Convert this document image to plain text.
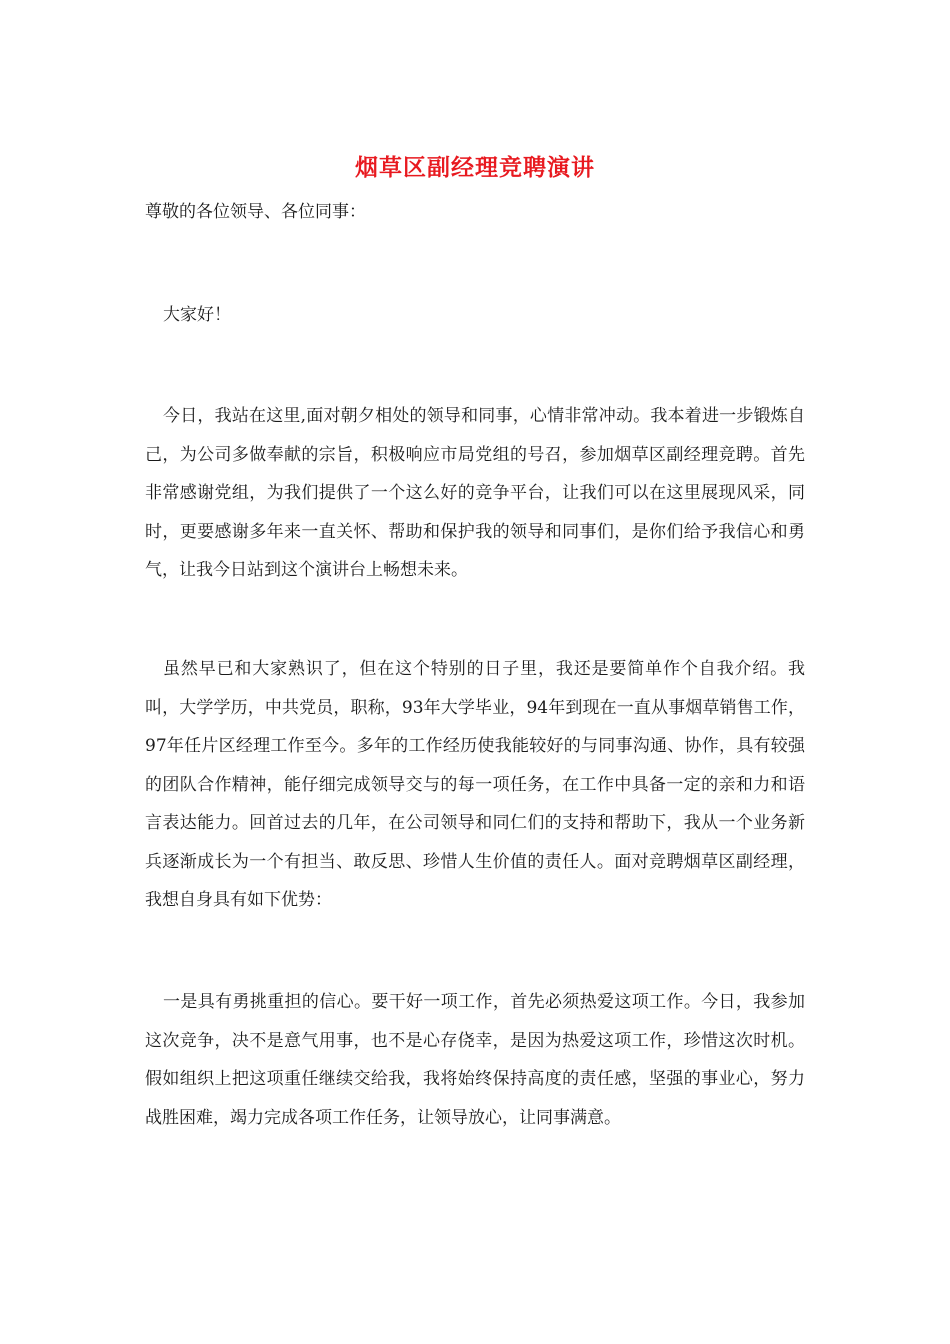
烟草区副经理竞聘演讲
尊敬的各位领导、各位同事：
大家好！

今日，我站在这里,面对朝夕相处的领导和同事，心情非常冲动。我本着进一步锻炼自己，为公司多做奉献的宗旨，积极响应市局党组的号召，参加烟草区副经理竞聘。首先非常感谢党组，为我们提供了一个这么好的竞争平台，让我们可以在这里展现风采，同时，更要感谢多年来一直关怀、帮助和保护我的领导和同事们，是你们给予我信心和勇气，让我今日站到这个演讲台上畅想未来。

虽然早已和大家熟识了，但在这个特别的日子里，我还是要简单作个自我介绍。我叫，大学学历，中共党员，职称，93年大学毕业，94年到现在一直从事烟草销售工作，97年任片区经理工作至今。多年的工作经历使我能较好的与同事沟通、协作，具有较强的团队合作精神，能仔细完成领导交与的每一项任务，在工作中具备一定的亲和力和语言表达能力。回首过去的几年，在公司领导和同仁们的支持和帮助下，我从一个业务新兵逐渐成长为一个有担当、敢反思、珍惜人生价值的责任人。面对竞聘烟草区副经理，我想自身具有如下优势：

一是具有勇挑重担的信心。要干好一项工作，首先必须热爱这项工作。今日，我参加这次竞争，决不是意气用事，也不是心存侥幸，是因为热爱这项工作，珍惜这次时机。假如组织上把这项重任继续交给我，我将始终保持高度的责任感，坚强的事业心，努力战胜困难，竭力完成各项工作任务，让领导放心，让同事满意。
